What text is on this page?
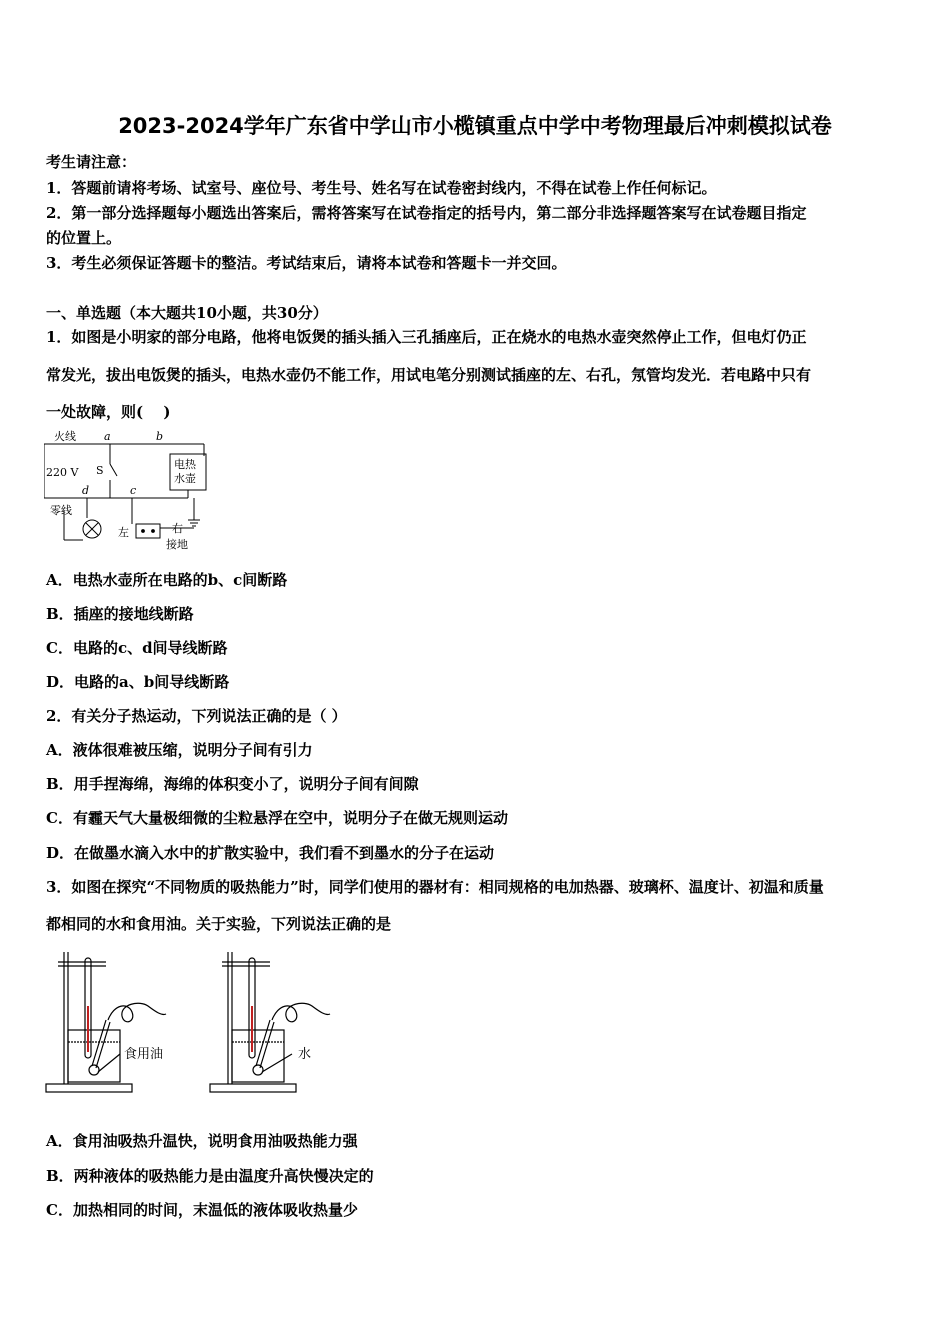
2023-2024学年广东省中学山市小榄镇重点中学中考物理最后冲刺模拟试卷
考生请注意：
1．答题前请将考场、试室号、座位号、考生号、姓名写在试卷密封线内，不得在试卷上作任何标记。
2．第一部分选择题每小题选出答案后，需将答案写在试卷指定的括号内，第二部分非选择题答案写在试卷题目指定
的位置上。
3．考生必须保证答题卡的整洁。考试结束后，请将本试卷和答题卡一并交回。
一、单选题（本大题共10小题，共30分）
1．如图是小明家的部分电路，他将电饭煲的插头插入三孔插座后，正在烧水的电热水壶突然停止工作，但电灯仍正
常发光，拔出电饭煲的插头，电热水壶仍不能工作，用试电笔分别测试插座的左、右孔，氖管均发光．若电路中只有
一处故障，则(　 )
火线
220 V
零线
a	b
c
d
S	电热
水壶
左	右
接地
A．电热水壶所在电路的b、c间断路
B．插座的接地线断路
C．电路的c、d间导线断路
D．电路的a、b间导线断路
2．有关分子热运动，下列说法正确的是（ ）
A．液体很难被压缩，说明分子间有引力
B．用手捏海绵，海绵的体积变小了，说明分子间有间隙
C．有霾天气大量极细微的尘粒悬浮在空中，说明分子在做无规则运动
D．在做墨水滴入水中的扩散实验中，我们看不到墨水的分子在运动
3．如图在探究“不同物质的吸热能力”时，同学们使用的器材有：相同规格的电加热器、玻璃杯、温度计、初温和质量
都相同的水和食用油。关于实验，下列说法正确的是
食用油	水
A．食用油吸热升温快，说明食用油吸热能力强
B．两种液体的吸热能力是由温度升高快慢决定的
C．加热相同的时间，末温低的液体吸收热量少
